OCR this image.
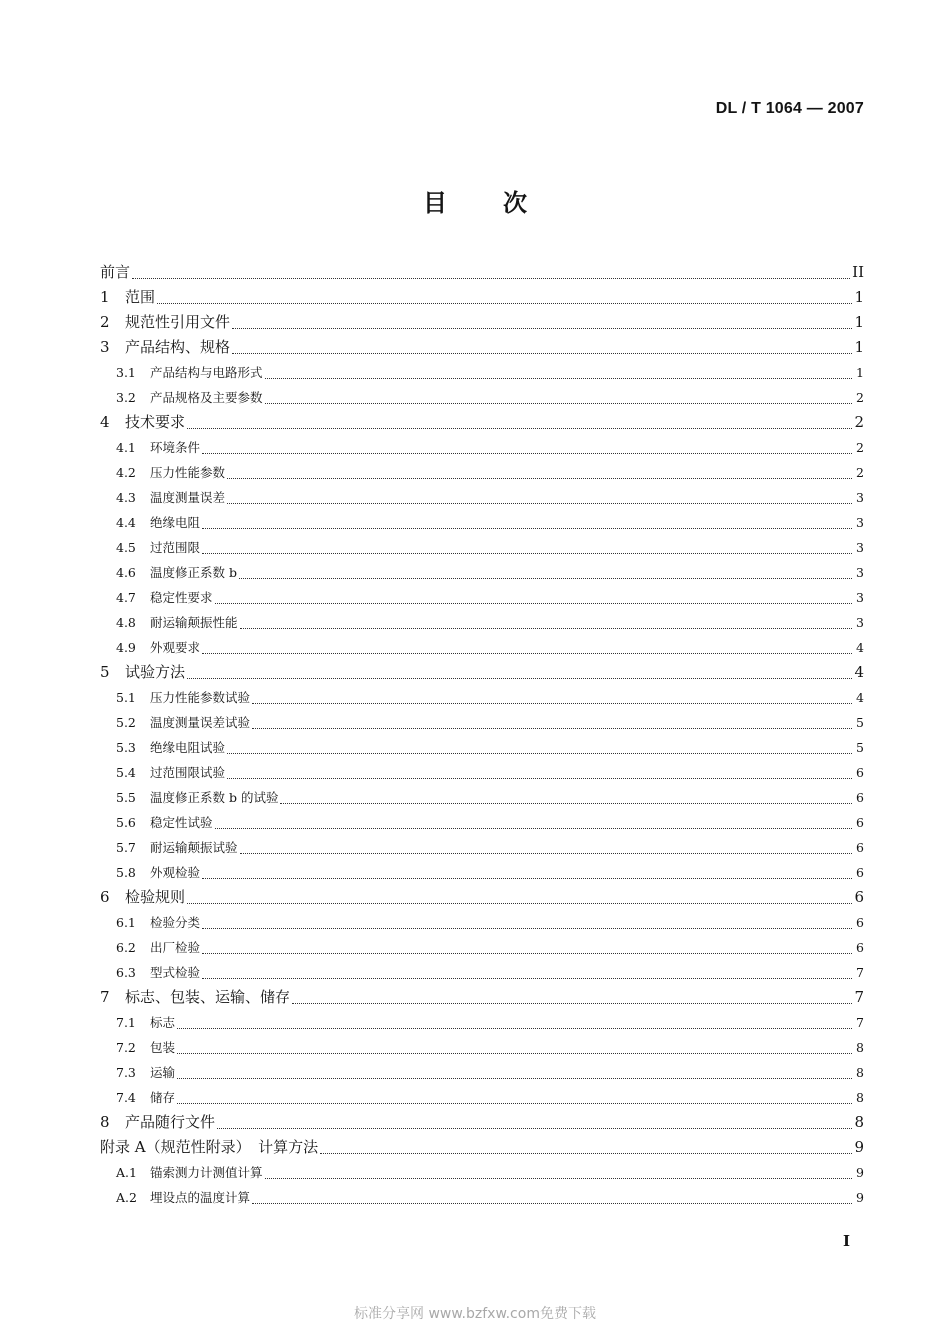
DL / T 1064 — 2007
目 次
前言	II
1	范围	1
2	规范性引用文件	1
3	产品结构、规格	1
3.1	产品结构与电路形式	1
3.2	产品规格及主要参数	2
4	技术要求	2
4.1	环境条件	2
4.2	压力性能参数	2
4.3	温度测量误差	3
4.4	绝缘电阻	3
4.5	过范围限	3
4.6	温度修正系数 b	3
4.7	稳定性要求	3
4.8	耐运输颠振性能	3
4.9	外观要求	4
5	试验方法	4
5.1	压力性能参数试验	4
5.2	温度测量误差试验	5
5.3	绝缘电阻试验	5
5.4	过范围限试验	6
5.5	温度修正系数 b 的试验	6
5.6	稳定性试验	6
5.7	耐运输颠振试验	6
5.8	外观检验	6
6	检验规则	6
6.1	检验分类	6
6.2	出厂检验	6
6.3	型式检验	7
7	标志、包装、运输、储存	7
7.1	标志	7
7.2	包装	8
7.3	运输	8
7.4	储存	8
8	产品随行文件	8
附录 A（规范性附录）　计算方法	9
A.1	锚索测力计测值计算	9
A.2	埋设点的温度计算	9
I
标准分享网 www.bzfxw.com免费下载
